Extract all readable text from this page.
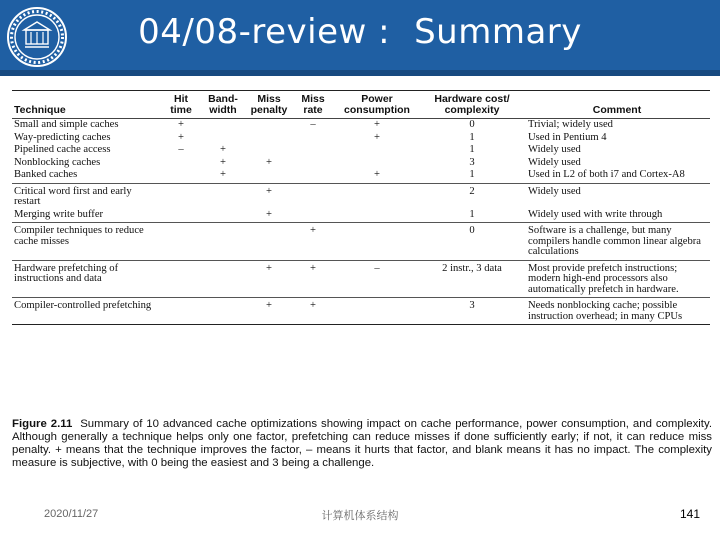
04/08-review : Summary
Technique	Hit time	Band-width	Miss penalty	Miss rate	Power consumption	Hardware cost/ complexity	Comment
Small and simple caches	+			–	+	0	Trivial; widely used
Way-predicting caches	+				+	1	Used in Pentium 4
Pipelined cache access	–	+				1	Widely used
Nonblocking caches		+	+			3	Widely used
Banked caches		+			+	1	Used in L2 of both i7 and Cortex-A8
Critical word first and early restart			+			2	Widely used
Merging write buffer			+			1	Widely used with write through
Compiler techniques to reduce cache misses				+		0	Software is a challenge, but many compilers handle common linear algebra calculations
Hardware prefetching of instructions and data			+	+	–	2 instr., 3 data	Most provide prefetch instructions; modern high-end processors also automatically prefetch in hardware.
Compiler-controlled prefetching			+	+		3	Needs nonblocking cache; possible instruction overhead; in many CPUs
Figure 2.11 Summary of 10 advanced cache optimizations showing impact on cache performance, power consumption, and complexity. Although generally a technique helps only one factor, prefetching can reduce misses if done sufficiently early; if not, it can reduce miss penalty. + means that the technique improves the factor, – means it hurts that factor, and blank means it has no impact. The complexity measure is subjective, with 0 being the easiest and 3 being a challenge.
2020/11/27	计算机体系结构	141
